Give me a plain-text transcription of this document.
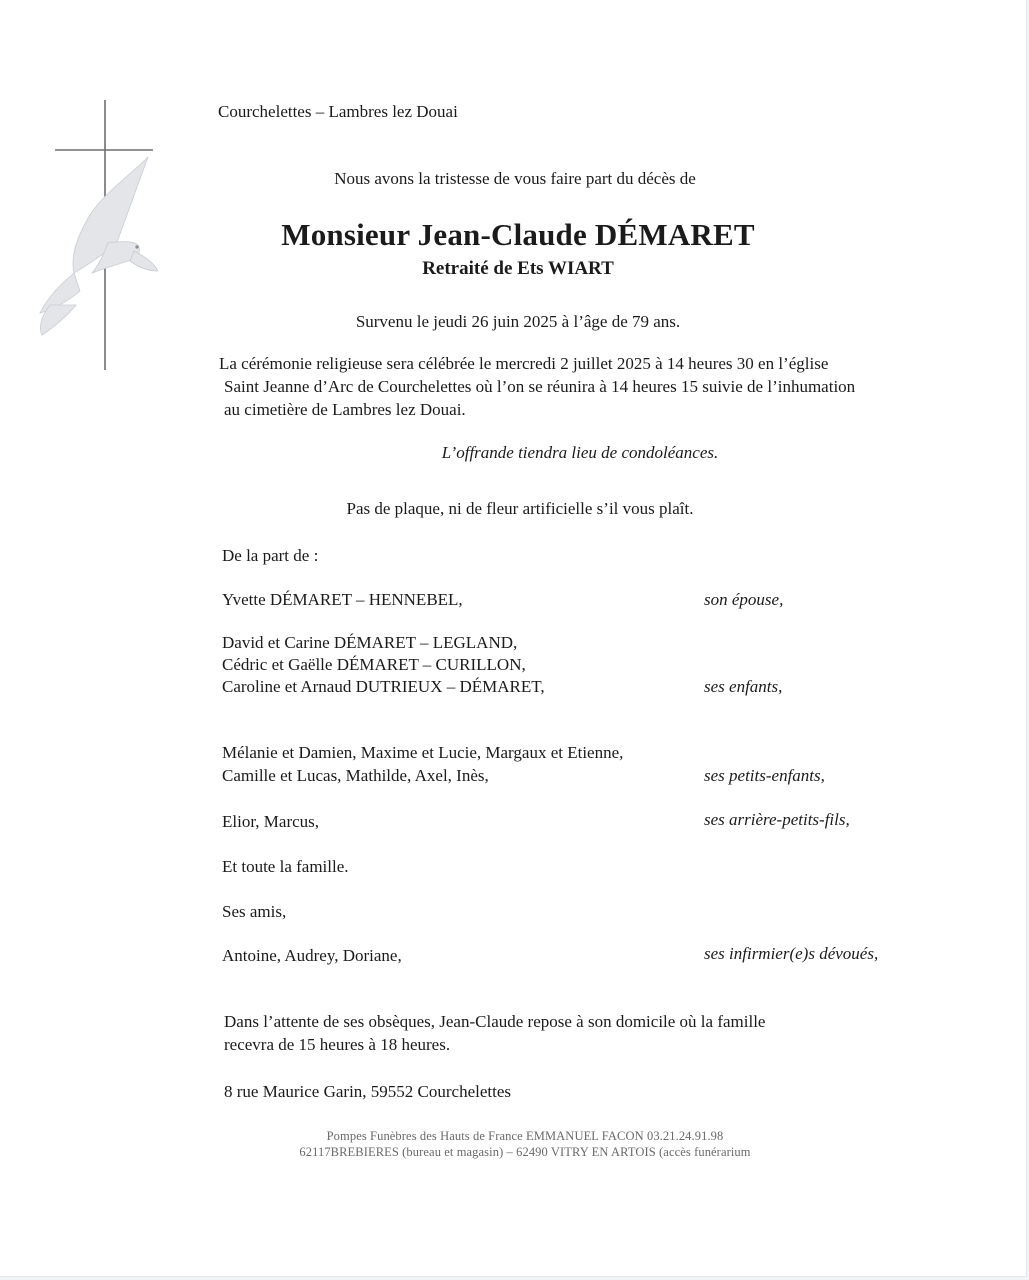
Courchelettes – Lambres lez Douai
Nous avons la tristesse de vous faire part du décès de
Monsieur Jean-Claude DÉMARET
Retraité de Ets WIART
Survenu le jeudi 26 juin 2025 à l’âge de 79 ans.
La cérémonie religieuse sera célébrée le mercredi 2 juillet 2025 à 14 heures 30 en l’église
Saint Jeanne d’Arc de Courchelettes où l’on se réunira à 14 heures 15 suivie de l’inhumation
au cimetière de Lambres lez Douai.
L’offrande tiendra lieu de condoléances.
Pas de plaque, ni de fleur artificielle s’il vous plaît.
De la part de :
Yvette DÉMARET – HENNEBEL,	son épouse,
David et Carine DÉMARET – LEGLAND,
Cédric et Gaëlle DÉMARET – CURILLON,
Caroline et Arnaud DUTRIEUX – DÉMARET,	ses enfants,
Mélanie et Damien, Maxime et Lucie, Margaux et Etienne,
Camille et Lucas, Mathilde, Axel, Inès,	ses petits-enfants,
Elior, Marcus,	ses arrière-petits-fils,
Et toute la famille.
Ses amis,
Antoine, Audrey, Doriane,	ses infirmier(e)s dévoués,
Dans l’attente de ses obsèques, Jean-Claude repose à son domicile où la famille
recevra de 15 heures à 18 heures.
8 rue Maurice Garin, 59552 Courchelettes
Pompes Funèbres des Hauts de France EMMANUEL FACON 03.21.24.91.98
62117BREBIERES (bureau et magasin) – 62490 VITRY EN ARTOIS (accès funérarium
